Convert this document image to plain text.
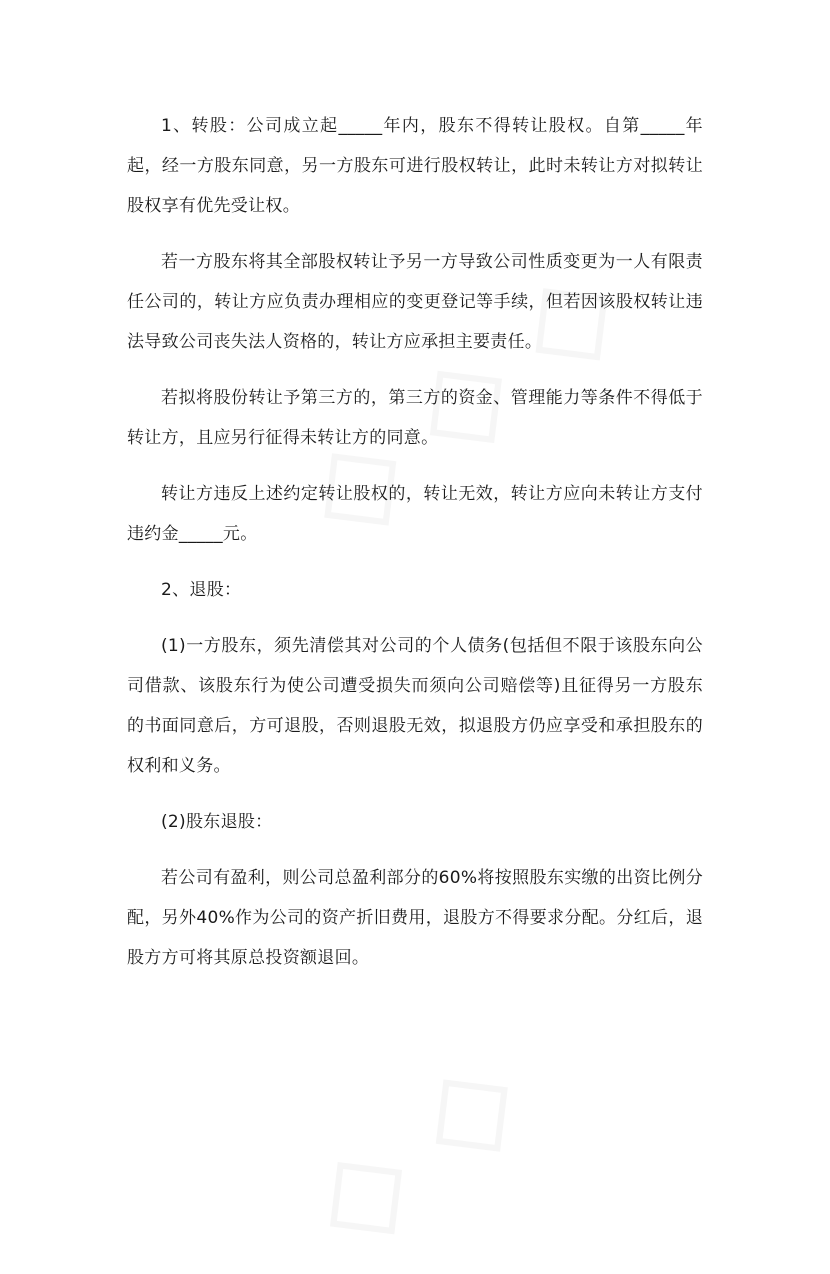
1、转股：公司成立起_____年内，股东不得转让股权。自第_____年起，经一方股东同意，另一方股东可进行股权转让，此时未转让方对拟转让股权享有优先受让权。

若一方股东将其全部股权转让予另一方导致公司性质变更为一人有限责任公司的，转让方应负责办理相应的变更登记等手续，但若因该股权转让违法导致公司丧失法人资格的，转让方应承担主要责任。

若拟将股份转让予第三方的，第三方的资金、管理能力等条件不得低于转让方，且应另行征得未转让方的同意。

转让方违反上述约定转让股权的，转让无效，转让方应向未转让方支付违约金_____元。

2、退股：

(1)一方股东，须先清偿其对公司的个人债务(包括但不限于该股东向公司借款、该股东行为使公司遭受损失而须向公司赔偿等)且征得另一方股东的书面同意后，方可退股，否则退股无效，拟退股方仍应享受和承担股东的权利和义务。

(2)股东退股：

若公司有盈利，则公司总盈利部分的60%将按照股东实缴的出资比例分配，另外40%作为公司的资产折旧费用，退股方不得要求分配。分红后，退股方方可将其原总投资额退回。
